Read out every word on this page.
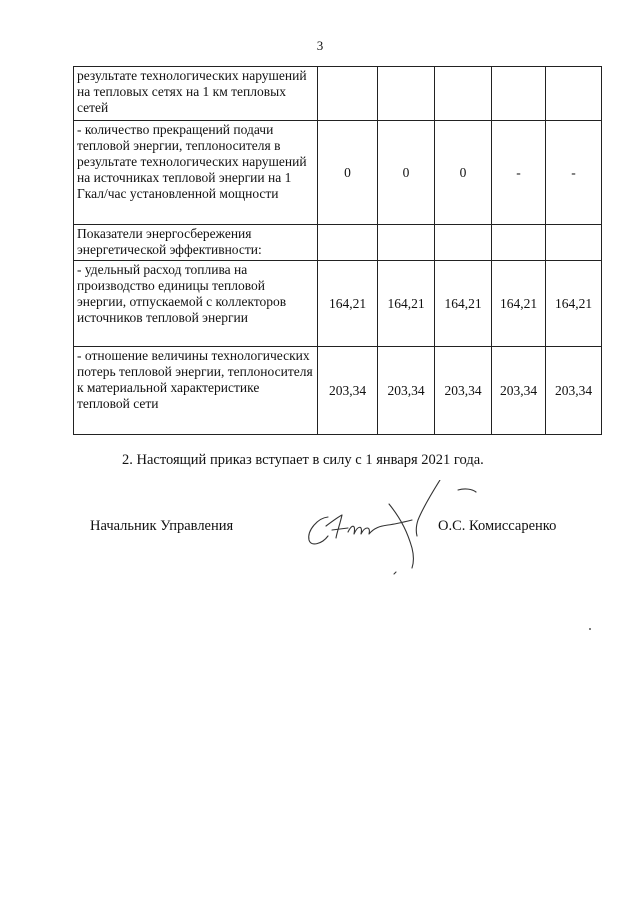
3
результате технологических нарушений на тепловых сетях на 1 км тепловых сетей					
- количество прекращений подачи тепловой энергии, теплоносителя в результате технологических нарушений на источниках тепловой энергии на 1 Гкал/час установленной мощности	0	0	0	-	-
Показатели энергосбережения энергетической эффективности:					
- удельный расход топлива на производство единицы тепловой энергии, отпускаемой с коллекторов источников тепловой энергии	164,21	164,21	164,21	164,21	164,21
- отношение величины технологических потерь тепловой энергии, теплоносителя к материальной характеристике тепловой сети	203,34	203,34	203,34	203,34	203,34
2. Настоящий приказ вступает в силу с 1 января 2021 года.
Начальник Управления	О.С. Комиссаренко
